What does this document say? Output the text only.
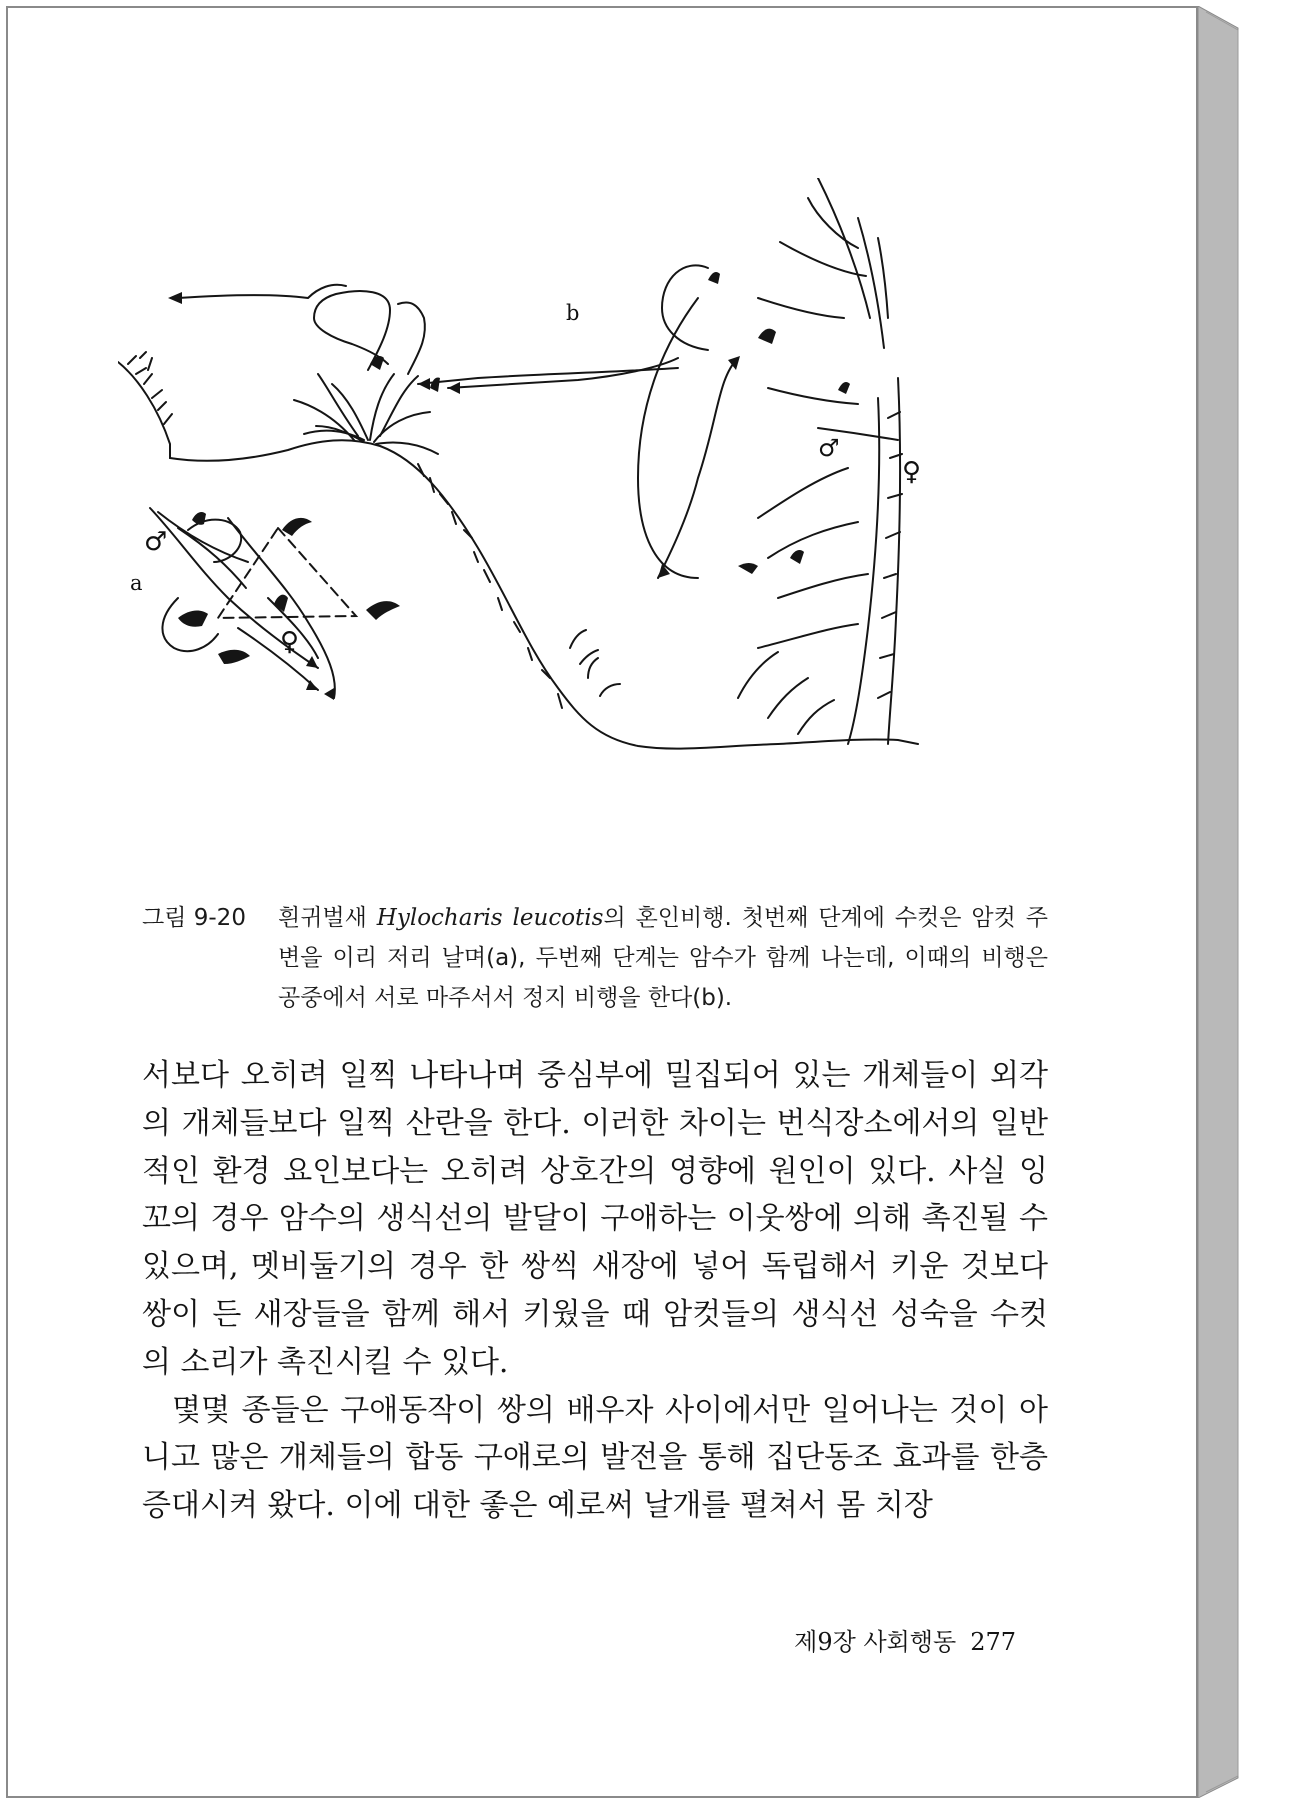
a
b
♂
♀
♂
♀
그림 9-20	흰귀벌새 Hylocharis leucotis의 혼인비행. 첫번째 단계에 수컷은 암컷 주변을 이리 저리 날며(a), 두번째 단계는 암수가 함께 나는데, 이때의 비행은 공중에서 서로 마주서서 정지 비행을 한다(b).

서보다 오히려 일찍 나타나며 중심부에 밀집되어 있는 개체들이 외각의 개체들보다 일찍 산란을 한다. 이러한 차이는 번식장소에서의 일반적인 환경 요인보다는 오히려 상호간의 영향에 원인이 있다. 사실 잉꼬의 경우 암수의 생식선의 발달이 구애하는 이웃쌍에 의해 촉진될 수 있으며, 멧비둘기의 경우 한 쌍씩 새장에 넣어 독립해서 키운 것보다 쌍이 든 새장들을 함께 해서 키웠을 때 암컷들의 생식선 성숙을 수컷의 소리가 촉진시킬 수 있다.

몇몇 종들은 구애동작이 쌍의 배우자 사이에서만 일어나는 것이 아니고 많은 개체들의 합동 구애로의 발전을 통해 집단동조 효과를 한층 증대시켜 왔다. 이에 대한 좋은 예로써 날개를 펼쳐서 몸 치장

제9장 사회행동 277
